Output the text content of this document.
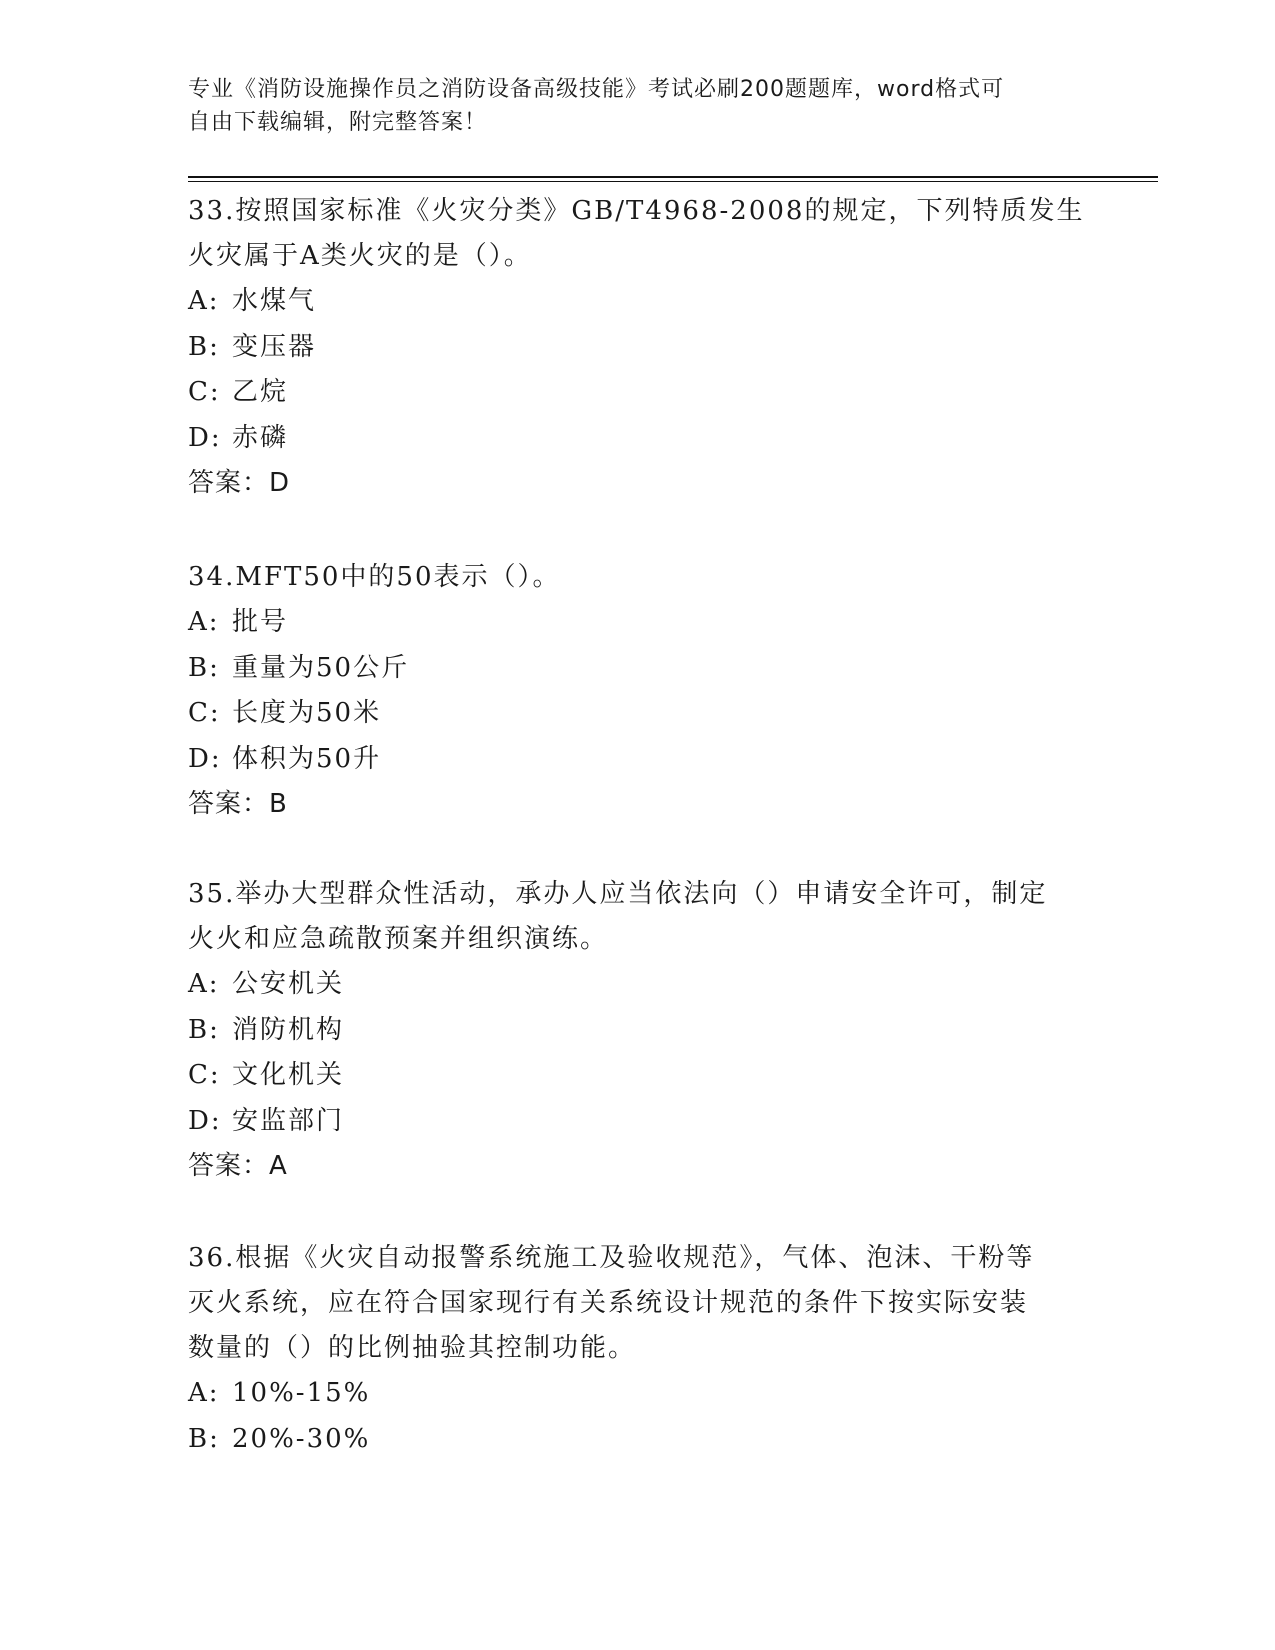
专业《消防设施操作员之消防设备高级技能》考试必刷200题题库，word格式可
自由下载编辑，附完整答案！

33.按照国家标准《火灾分类》GB/T4968-2008的规定，下列特质发生

火灾属于A类火灾的是（）。

A: 水煤气

B: 变压器

C: 乙烷

D: 赤磷

答案：D

34.MFT50中的50表示（）。

A: 批号

B: 重量为50公斤

C: 长度为50米

D: 体积为50升

答案：B

35.举办大型群众性活动，承办人应当依法向（）申请安全许可，制定

火火和应急疏散预案并组织演练。

A: 公安机关

B: 消防机构

C: 文化机关

D: 安监部门

答案：A

36.根据《火灾自动报警系统施工及验收规范》，气体、泡沫、干粉等

灭火系统，应在符合国家现行有关系统设计规范的条件下按实际安装

数量的（）的比例抽验其控制功能。

A: 10%-15%

B: 20%-30%
